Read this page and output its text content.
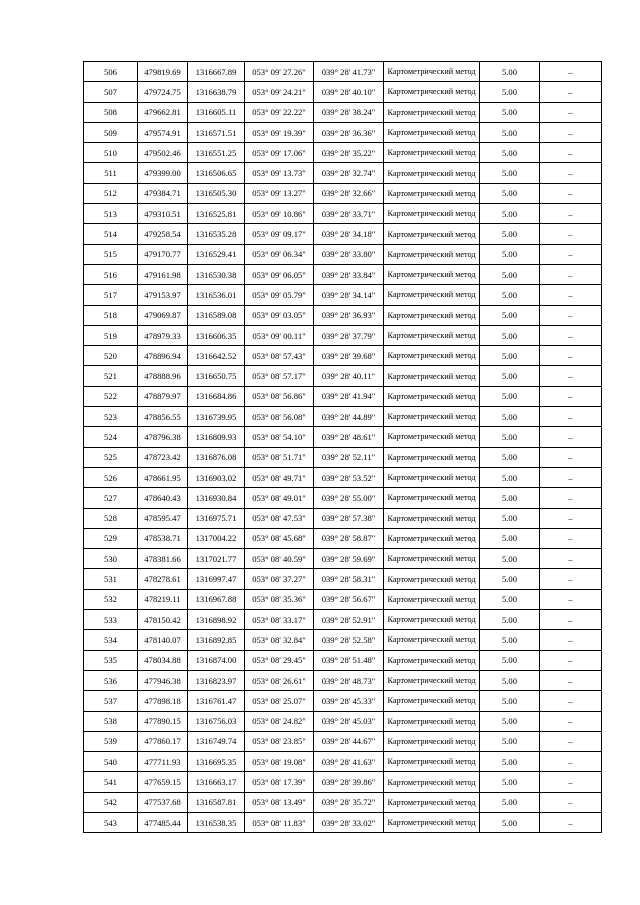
506	479819.69	1316667.89	053° 09' 27.26"	039° 28' 41.73"	Картометрический метод	5.00	–
507	479724.75	1316638.79	053° 09' 24.21"	039° 28' 40.10"	Картометрический метод	5.00	–
508	479662.81	1316605.11	053° 09' 22.22"	039° 28' 38.24"	Картометрический метод	5.00	–
509	479574.91	1316571.51	053° 09' 19.39"	039° 28' 36.36"	Картометрический метод	5.00	–
510	479502.46	1316551.25	053° 09' 17.06"	039° 28' 35.22"	Картометрический метод	5.00	–
511	479399.00	1316506.65	053° 09' 13.73"	039° 28' 32.74"	Картометрический метод	5.00	–
512	479384.71	1316505.30	053° 09' 13.27"	039° 28' 32.66"	Картометрический метод	5.00	–
513	479310.51	1316525.81	053° 09' 10.86"	039° 28' 33.71"	Картометрический метод	5.00	–
514	479258.54	1316535.28	053° 09' 09.17"	039° 28' 34.18"	Картометрический метод	5.00	–
515	479170.77	1316529.41	053° 09' 06.34"	039° 28' 33.80"	Картометрический метод	5.00	–
516	479161.98	1316530.38	053° 09' 06.05"	039° 28' 33.84"	Картометрический метод	5.00	–
517	479153.97	1316536.01	053° 09' 05.79"	039° 28' 34.14"	Картометрический метод	5.00	–
518	479069.87	1316589.08	053° 09' 03.05"	039° 28' 36.93"	Картометрический метод	5.00	–
519	478979.33	1316606.35	053° 09' 00.11"	039° 28' 37.79"	Картометрический метод	5.00	–
520	478896.94	1316642.52	053° 08' 57.43"	039° 28' 39.68"	Картометрический метод	5.00	–
521	478888.96	1316650.75	053° 08' 57.17"	039° 28' 40.11"	Картометрический метод	5.00	–
522	478879.97	1316684.86	053° 08' 56.86"	039° 28' 41.94"	Картометрический метод	5.00	–
523	478856.55	1316739.95	053° 08' 56.08"	039° 28' 44.89"	Картометрический метод	5.00	–
524	478796.38	1316809.93	053° 08' 54.10"	039° 28' 48.61"	Картометрический метод	5.00	–
525	478723.42	1316876.08	053° 08' 51.71"	039° 28' 52.11"	Картометрический метод	5.00	–
526	478661.95	1316903.02	053° 08' 49.71"	039° 28' 53.52"	Картометрический метод	5.00	–
527	478640.43	1316930.84	053° 08' 49.01"	039° 28' 55.00"	Картометрический метод	5.00	–
528	478595.47	1316975.71	053° 08' 47.53"	039° 28' 57.38"	Картометрический метод	5.00	–
529	478538.71	1317004.22	053° 08' 45.68"	039° 28' 58.87"	Картометрический метод	5.00	–
530	478381.66	1317021.77	053° 08' 40.59"	039° 28' 59.69"	Картометрический метод	5.00	–
531	478278.61	1316997.47	053° 08' 37.27"	039° 28' 58.31"	Картометрический метод	5.00	–
532	478219.11	1316967.88	053° 08' 35.36"	039° 28' 56.67"	Картометрический метод	5.00	–
533	478150.42	1316898.92	053° 08' 33.17"	039° 28' 52.91"	Картометрический метод	5.00	–
534	478140.07	1316892.85	053° 08' 32.84"	039° 28' 52.58"	Картометрический метод	5.00	–
535	478034.88	1316874.00	053° 08' 29.45"	039° 28' 51.48"	Картометрический метод	5.00	–
536	477946.38	1316823.97	053° 08' 26.61"	039° 28' 48.73"	Картометрический метод	5.00	–
537	477898.18	1316761.47	053° 08' 25.07"	039° 28' 45.33"	Картометрический метод	5.00	–
538	477890.15	1316756.03	053° 08' 24.82"	039° 28' 45.03"	Картометрический метод	5.00	–
539	477860.17	1316749.74	053° 08' 23.85"	039° 28' 44.67"	Картометрический метод	5.00	–
540	477711.93	1316695.35	053° 08' 19.08"	039° 28' 41.63"	Картометрический метод	5.00	–
541	477659.15	1316663.17	053° 08' 17.39"	039° 28' 39.86"	Картометрический метод	5.00	–
542	477537.68	1316587.81	053° 08' 13.49"	039° 28' 35.72"	Картометрический метод	5.00	–
543	477485.44	1316538.35	053° 08' 11.83"	039° 28' 33.02"	Картометрический метод	5.00	–
